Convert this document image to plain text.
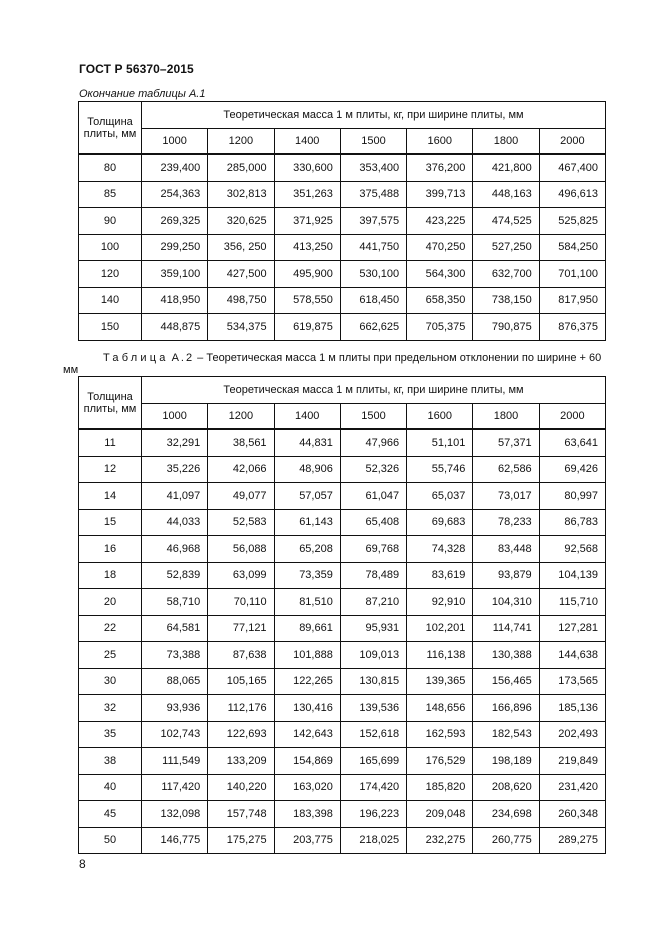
ГОСТ Р 56370–2015
Окончание таблицы А.1
Толщина плиты, мм	Теоретическая масса 1 м плиты, кг, при ширине плиты, мм						
	1000	1200	1400	1500	1600	1800	2000
80	239,400	285,000	330,600	353,400	376,200	421,800	467,400
85	254,363	302,813	351,263	375,488	399,713	448,163	496,613
90	269,325	320,625	371,925	397,575	423,225	474,525	525,825
100	299,250	356, 250	413,250	441,750	470,250	527,250	584,250
120	359,100	427,500	495,900	530,100	564,300	632,700	701,100
140	418,950	498,750	578,550	618,450	658,350	738,150	817,950
150	448,875	534,375	619,875	662,625	705,375	790,875	876,375
Таблица А.2 – Теоретическая масса 1 м плиты при предельном отклонении по ширине + 60 мм
Толщина плиты, мм	Теоретическая масса 1 м плиты, кг, при ширине плиты, мм						
	1000	1200	1400	1500	1600	1800	2000
11	32,291	38,561	44,831	47,966	51,101	57,371	63,641
12	35,226	42,066	48,906	52,326	55,746	62,586	69,426
14	41,097	49,077	57,057	61,047	65,037	73,017	80,997
15	44,033	52,583	61,143	65,408	69,683	78,233	86,783
16	46,968	56,088	65,208	69,768	74,328	83,448	92,568
18	52,839	63,099	73,359	78,489	83,619	93,879	104,139
20	58,710	70,110	81,510	87,210	92,910	104,310	115,710
22	64,581	77,121	89,661	95,931	102,201	114,741	127,281
25	73,388	87,638	101,888	109,013	116,138	130,388	144,638
30	88,065	105,165	122,265	130,815	139,365	156,465	173,565
32	93,936	112,176	130,416	139,536	148,656	166,896	185,136
35	102,743	122,693	142,643	152,618	162,593	182,543	202,493
38	111,549	133,209	154,869	165,699	176,529	198,189	219,849
40	117,420	140,220	163,020	174,420	185,820	208,620	231,420
45	132,098	157,748	183,398	196,223	209,048	234,698	260,348
50	146,775	175,275	203,775	218,025	232,275	260,775	289,275
8
